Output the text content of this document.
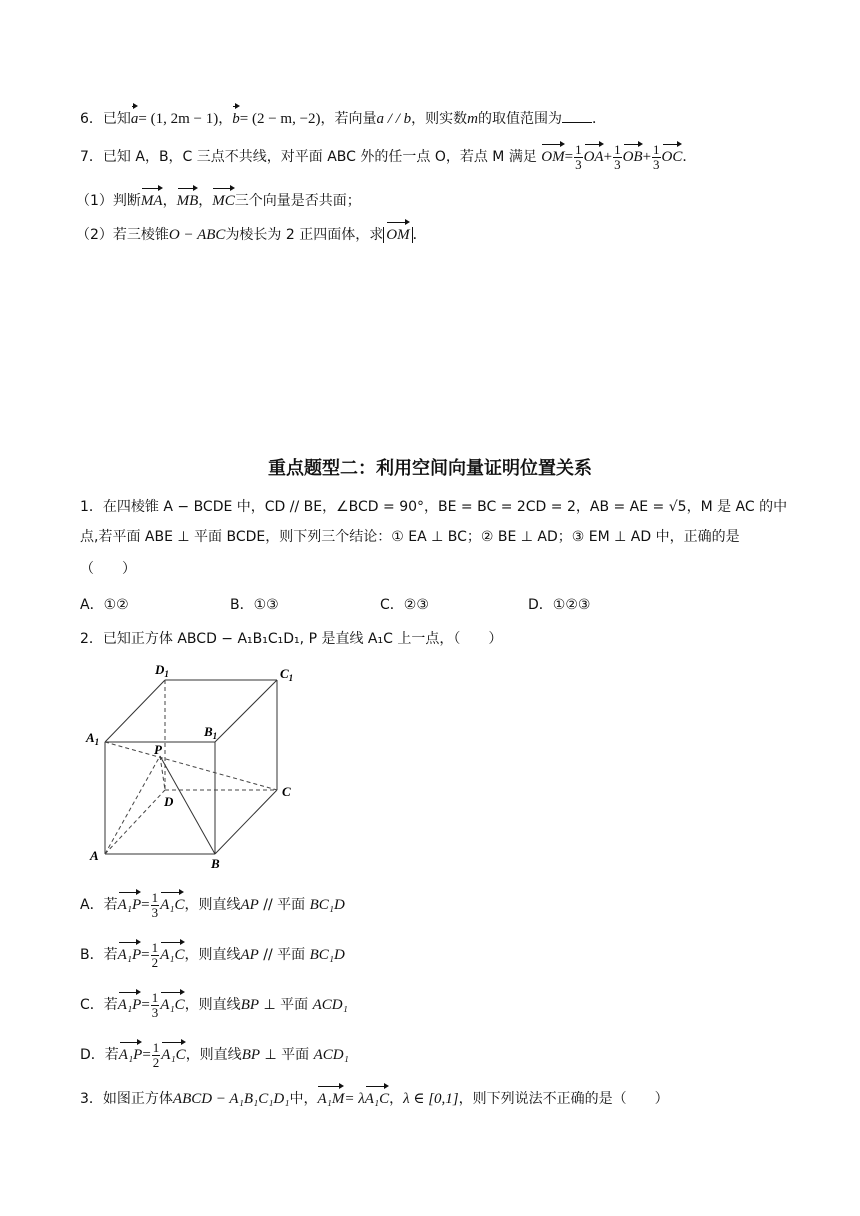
6．已知a= (1, 2m − 1)，b= (2 − m, −2)，若向量a / / b，则实数m的取值范围为 ．
7．已知 A，B，C 三点不共线，对平面 ABC 外的任一点 O，若点 M 满足 $OM= \frac{1}{3} OA+ \frac{1}{3} OB+ \frac{1}{3}$ OC．
（1）判断MA，MB，MC三个向量是否共面；
（2）若三棱锥O − ABC为棱长为 2 正四面体，求 OM ．
重点题型二：利用空间向量证明位置关系
1．在四棱锥 A − BCDE 中，CD // BE，∠BCD = 90°，BE = BC = 2CD = 2，AB = AE = √5，M 是 AC 的中
点,若平面 ABE ⊥ 平面 BCDE，则下列三个结论：① EA ⊥ BC；② BE ⊥ AD；③ EM ⊥ AD 中，正确的是
（　　）
A．①②	B．①③	C．②③	D．①②③
2．已知正方体 ABCD − A₁B₁C₁D₁, P 是直线 A₁C 上一点，（　　）
$D_1$	$C_1$
$A_1$
$B_1$
P
D
C
A
B
A．若$A_1P= \frac{1}{3} A_1C$，则直线AP // 平面 BC₁D
B．若$A_1P= \frac{1}{2} A_1C$，则直线AP // 平面 BC₁D
C．若$A_1P= \frac{1}{3} A_1C$，则直线BP ⊥ 平面 ACD₁
D．若$A_1P= \frac{1}{2} A_1C$，则直线BP ⊥ 平面 ACD₁
3．如图正方体ABCD − A₁B₁C₁D₁中，A₁M= λA₁C，λ ∈ [0,1]，则下列说法不正确的是（　　）
